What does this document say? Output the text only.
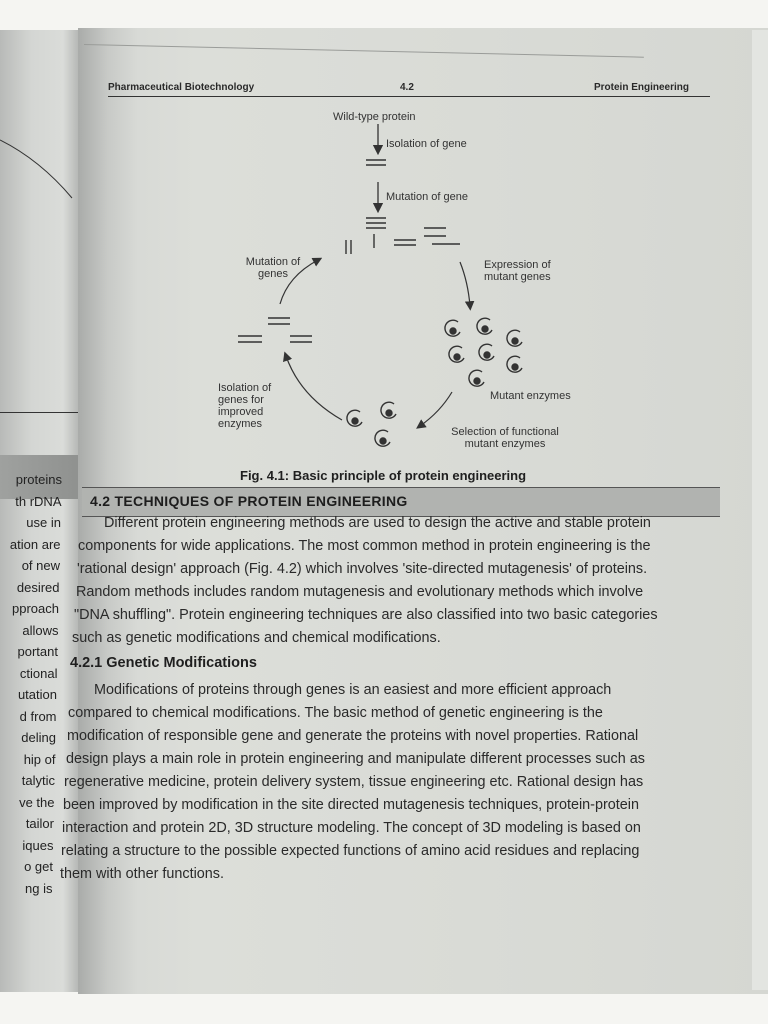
proteins
th rDNA
use in
ation are
of new
desired
pproach
allows
portant
ctional
utation
d from
deling
hip of
talytic
ve the
tailor
iques
o get
ng is
Pharmaceutical Biotechnology	4.2	Protein Engineering
Wild-type protein
Isolation of gene
Mutation of gene
Mutation of
genes
Expression of
mutant genes
Mutant enzymes
Isolation of
genes for
improved
enzymes
Selection of functional
mutant enzymes
Fig. 4.1: Basic principle of protein engineering
4.2 TECHNIQUES OF PROTEIN ENGINEERING
Different protein engineering methods are used to design the active and stable protein
components for wide applications. The most common method in protein engineering is the
'rational design' approach (Fig. 4.2) which involves 'site-directed mutagenesis' of proteins.
Random methods includes random mutagenesis and evolutionary methods which involve
"DNA shuffling". Protein engineering techniques are also classified into two basic categories
such as genetic modifications and chemical modifications.
4.2.1 Genetic Modifications
Modifications of proteins through genes is an easiest and more efficient approach
compared to chemical modifications. The basic method of genetic engineering is the
modification of responsible gene and generate the proteins with novel properties. Rational
design plays a main role in protein engineering and manipulate different processes such as
regenerative medicine, protein delivery system, tissue engineering etc. Rational design has
been improved by modification in the site directed mutagenesis techniques, protein-protein
interaction and protein 2D, 3D structure modeling. The concept of 3D modeling is based on
relating a structure to the possible expected functions of amino acid residues and replacing
them with other functions.
